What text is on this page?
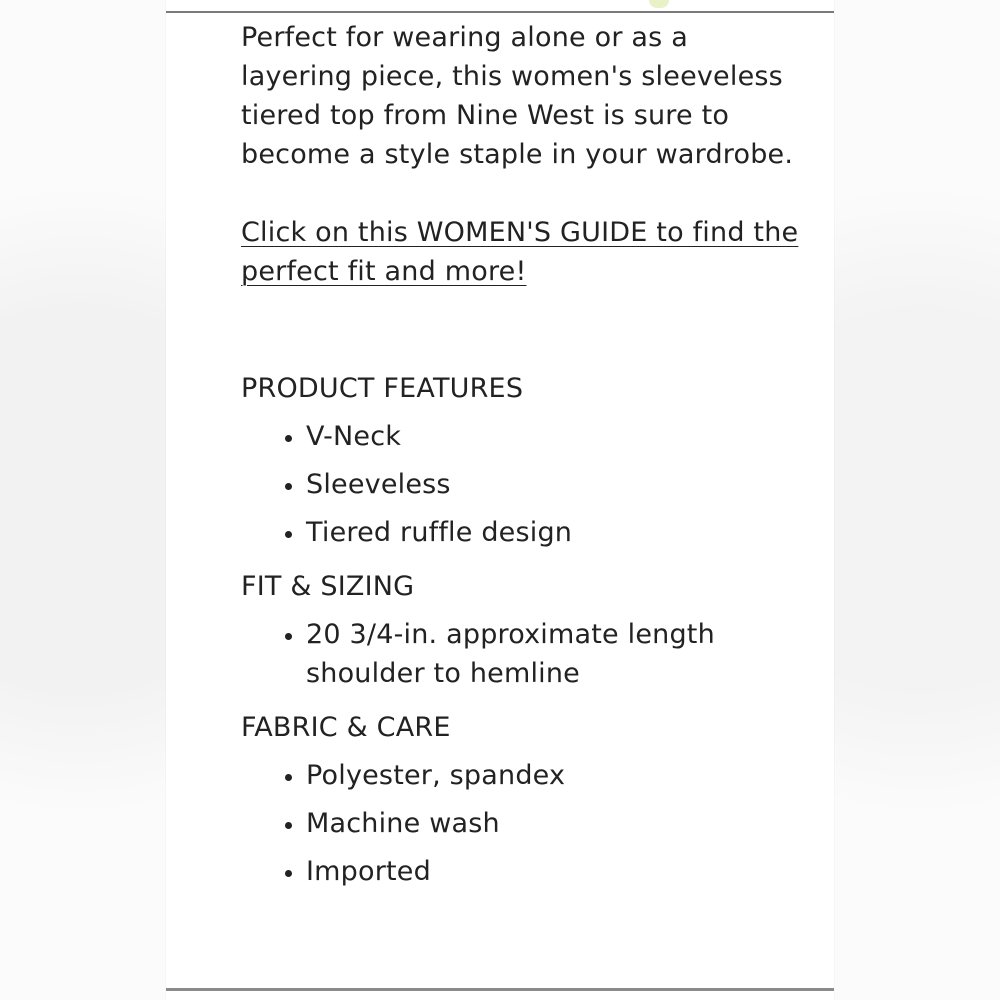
Perfect for wearing alone or as a layering piece, this women's sleeveless tiered top from Nine West is sure to become a style staple in your wardrobe.

Click on this WOMEN'S GUIDE to find the perfect fit and more!
PRODUCT FEATURES
V-Neck
Sleeveless
Tiered ruffle design
FIT & SIZING
20 3/4-in. approximate length shoulder to hemline
FABRIC & CARE
Polyester, spandex
Machine wash
Imported
